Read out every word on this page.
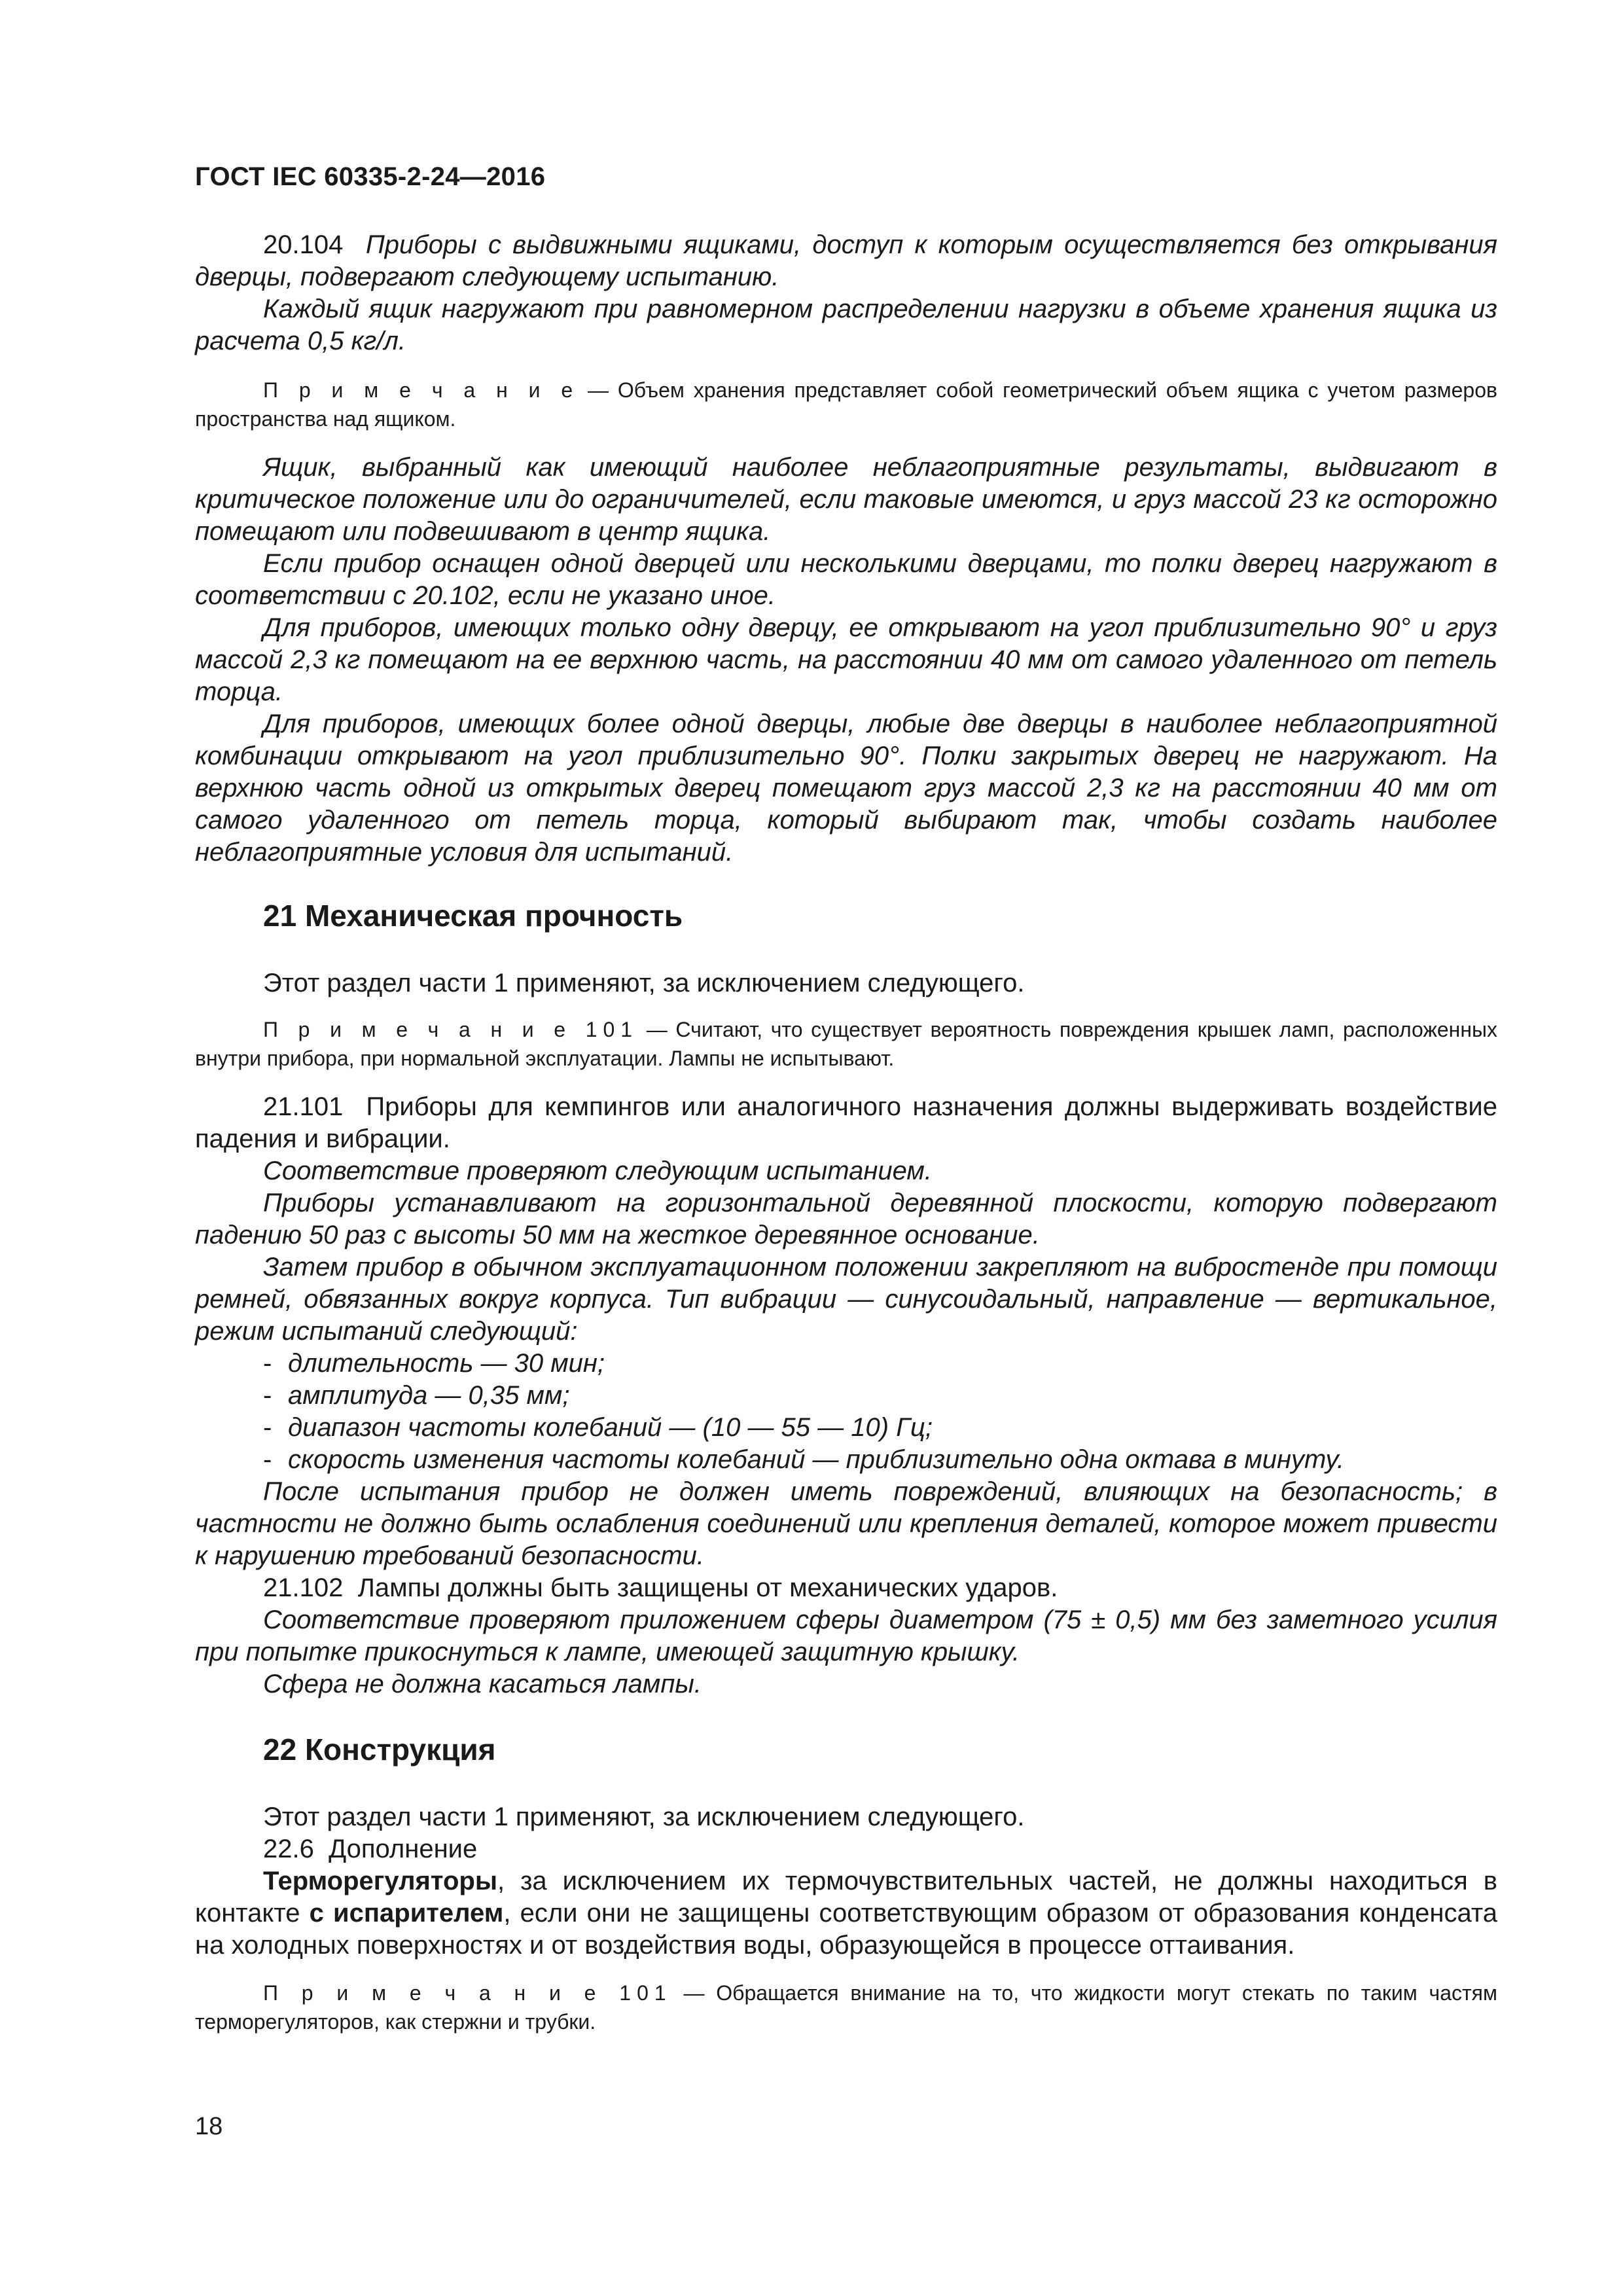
ГОСТ IEC 60335-2-24—2016

20.104 Приборы с выдвижными ящиками, доступ к которым осуществляется без открывания дверцы, подвергают следующему испытанию.

Каждый ящик нагружают при равномерном распределении нагрузки в объеме хранения ящика из расчета 0,5 кг/л.

П р и м е ч а н и е — Объем хранения представляет собой геометрический объем ящика с учетом размеров пространства над ящиком.

Ящик, выбранный как имеющий наиболее неблагоприятные результаты, выдвигают в критическое положение или до ограничителей, если таковые имеются, и груз массой 23 кг осторожно помещают или подвешивают в центр ящика.

Если прибор оснащен одной дверцей или несколькими дверцами, то полки дверец нагружают в соответствии с 20.102, если не указано иное.

Для приборов, имеющих только одну дверцу, ее открывают на угол приблизительно 90° и груз массой 2,3 кг помещают на ее верхнюю часть, на расстоянии 40 мм от самого удаленного от петель торца.

Для приборов, имеющих более одной дверцы, любые две дверцы в наиболее неблагоприятной комбинации открывают на угол приблизительно 90°. Полки закрытых дверец не нагружают. На верхнюю часть одной из открытых дверец помещают груз массой 2,3 кг на расстоянии 40 мм от самого удаленного от петель торца, который выбирают так, чтобы создать наиболее неблагоприятные условия для испытаний.

21 Механическая прочность

Этот раздел части 1 применяют, за исключением следующего.

П р и м е ч а н и е 101 — Считают, что существует вероятность повреждения крышек ламп, расположенных внутри прибора, при нормальной эксплуатации. Лампы не испытывают.

21.101 Приборы для кемпингов или аналогичного назначения должны выдерживать воздействие падения и вибрации.

Соответствие проверяют следующим испытанием.

Приборы устанавливают на горизонтальной деревянной плоскости, которую подвергают падению 50 раз с высоты 50 мм на жесткое деревянное основание.

Затем прибор в обычном эксплуатационном положении закрепляют на вибростенде при помощи ремней, обвязанных вокруг корпуса. Тип вибрации — синусоидальный, направление — вертикальное, режим испытаний следующий:

- длительность — 30 мин;

- амплитуда — 0,35 мм;

- диапазон частоты колебаний — (10 — 55 — 10) Гц;

- скорость изменения частоты колебаний — приблизительно одна октава в минуту.

После испытания прибор не должен иметь повреждений, влияющих на безопасность; в частности не должно быть ослабления соединений или крепления деталей, которое может привести к нарушению требований безопасности.

21.102 Лампы должны быть защищены от механических ударов.

Соответствие проверяют приложением сферы диаметром (75 ± 0,5) мм без заметного усилия при попытке прикоснуться к лампе, имеющей защитную крышку.

Сфера не должна касаться лампы.

22 Конструкция

Этот раздел части 1 применяют, за исключением следующего.

22.6 Дополнение

Терморегуляторы, за исключением их термочувствительных частей, не должны находиться в контакте с испарителем, если они не защищены соответствующим образом от образования конденсата на холодных поверхностях и от воздействия воды, образующейся в процессе оттаивания.

П р и м е ч а н и е 101 — Обращается внимание на то, что жидкости могут стекать по таким частям терморегуляторов, как стержни и трубки.

18
